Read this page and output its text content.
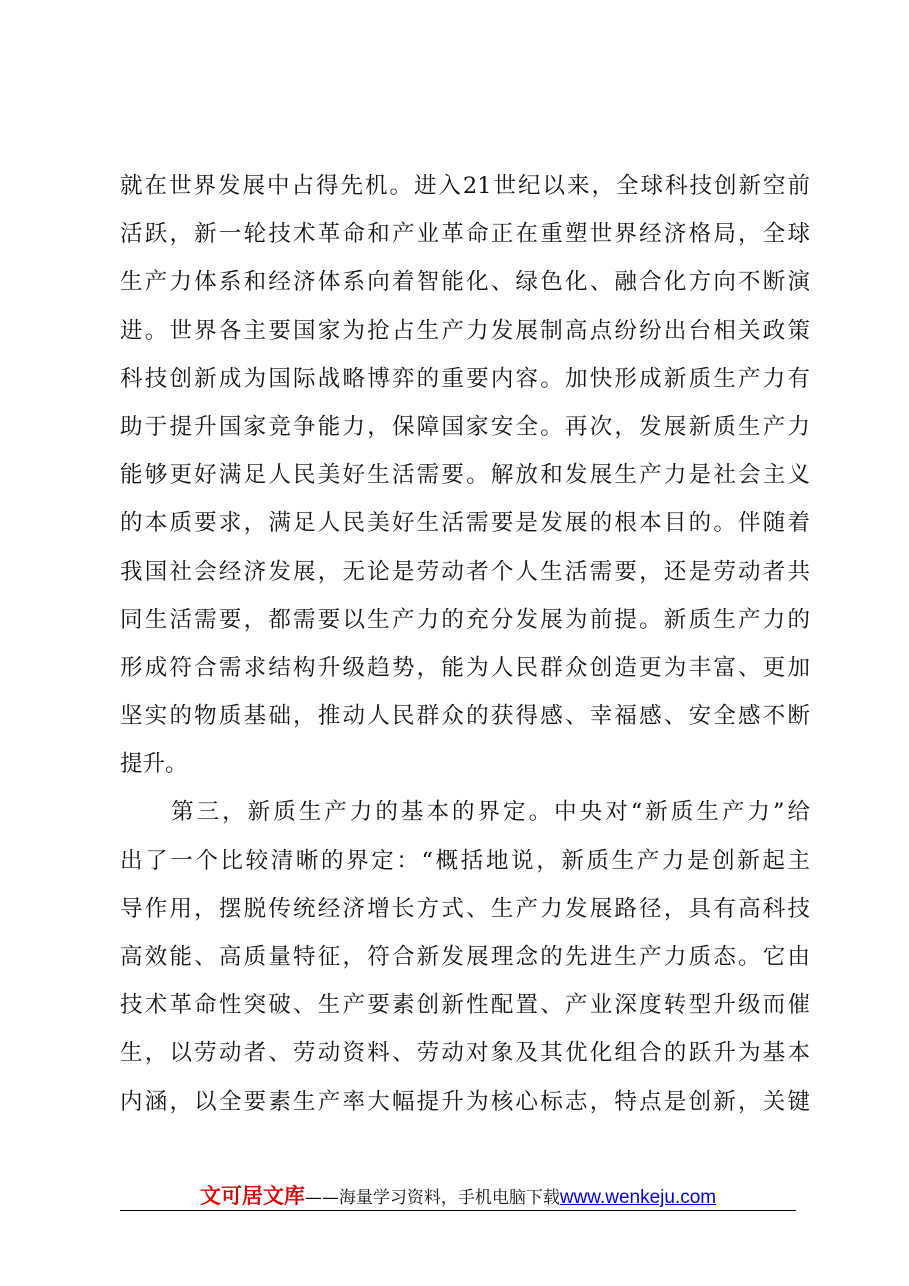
就在世界发展中占得先机。进入21世纪以来，全球科技创新空前
活跃，新一轮技术革命和产业革命正在重塑世界经济格局，全球
生产力体系和经济体系向着智能化、绿色化、融合化方向不断演
进。世界各主要国家为抢占生产力发展制高点纷纷出台相关政策
科技创新成为国际战略博弈的重要内容。加快形成新质生产力有
助于提升国家竞争能力，保障国家安全。再次，发展新质生产力
能够更好满足人民美好生活需要。解放和发展生产力是社会主义
的本质要求，满足人民美好生活需要是发展的根本目的。伴随着
我国社会经济发展，无论是劳动者个人生活需要，还是劳动者共
同生活需要，都需要以生产力的充分发展为前提。新质生产力的
形成符合需求结构升级趋势，能为人民群众创造更为丰富、更加
坚实的物质基础，推动人民群众的获得感、幸福感、安全感不断
提升。
　　第三，新质生产力的基本的界定。中央对“新质生产力”给
出了一个比较清晰的界定：“概括地说，新质生产力是创新起主
导作用，摆脱传统经济增长方式、生产力发展路径，具有高科技
高效能、高质量特征，符合新发展理念的先进生产力质态。它由
技术革命性突破、生产要素创新性配置、产业深度转型升级而催
生，以劳动者、劳动资料、劳动对象及其优化组合的跃升为基本
内涵，以全要素生产率大幅提升为核心标志，特点是创新，关键
文可居文库——海量学习资料，手机电脑下载www.wenkeju.com
